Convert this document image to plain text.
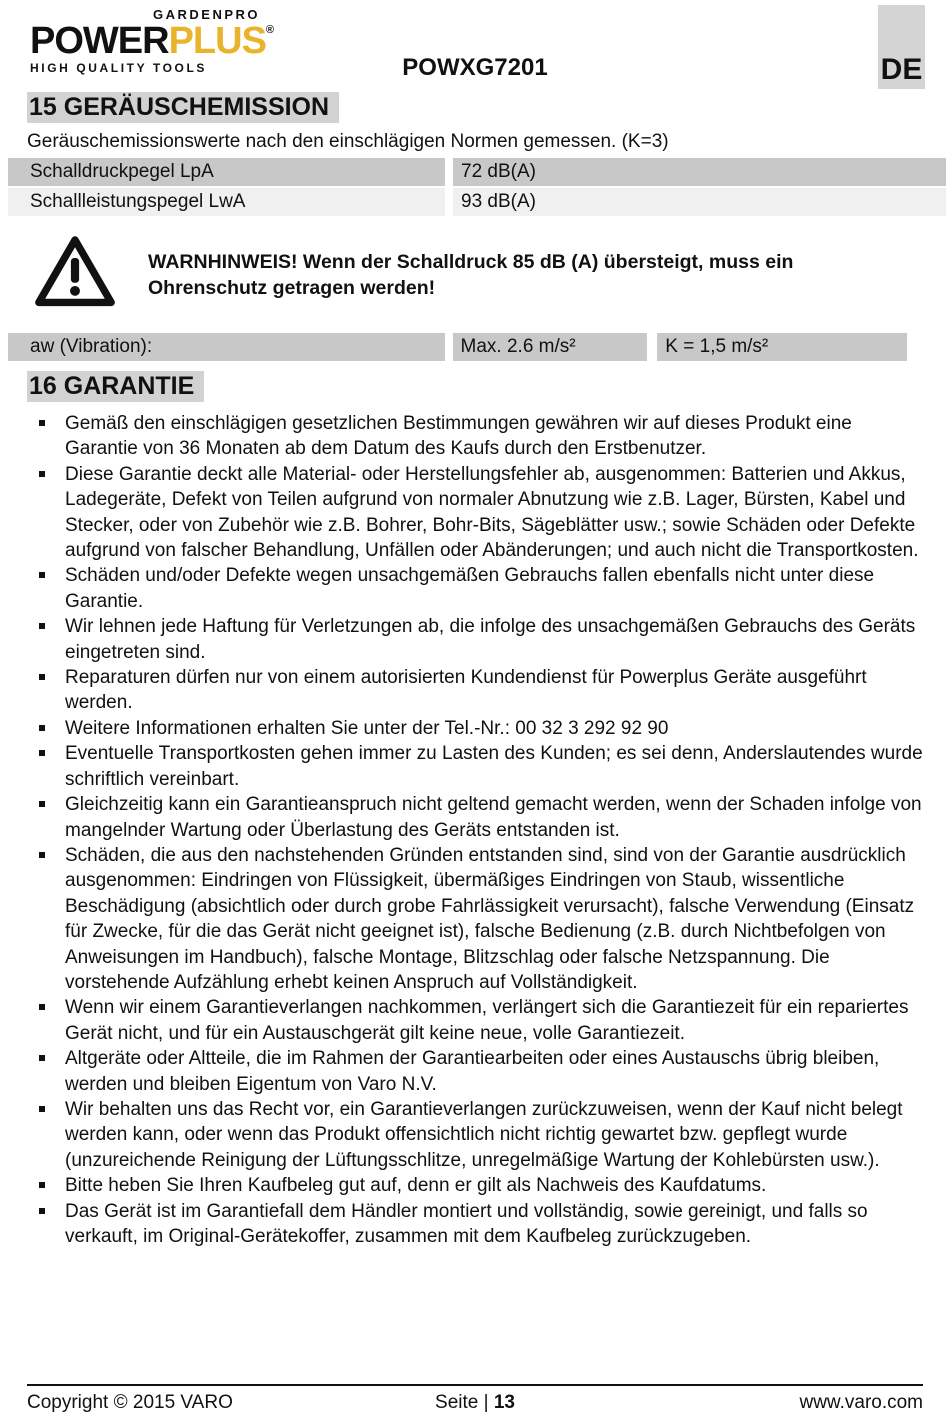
GARDENPRO
POWERPLUS®
HIGH QUALITY TOOLS	POWXG7201	DE
15 GERÄUSCHEMISSION
Geräuschemissionswerte nach den einschlägigen Normen gemessen. (K=3)
Schalldruckpegel LpA	72 dB(A)
Schallleistungspegel LwA	93 dB(A)
WARNHINWEIS! Wenn der Schalldruck 85 dB (A) übersteigt, muss ein Ohrenschutz getragen werden!
aw (Vibration):	Max. 2.6 m/s²	K = 1,5 m/s²
16 GARANTIE
Gemäß den einschlägigen gesetzlichen Bestimmungen gewähren wir auf dieses Produkt eine Garantie von 36 Monaten ab dem Datum des Kaufs durch den Erstbenutzer.
Diese Garantie deckt alle Material- oder Herstellungsfehler ab, ausgenommen: Batterien und Akkus, Ladegeräte, Defekt von Teilen aufgrund von normaler Abnutzung wie z.B. Lager, Bürsten, Kabel und Stecker, oder von Zubehör wie z.B. Bohrer, Bohr-Bits, Sägeblätter usw.; sowie Schäden oder Defekte aufgrund von falscher Behandlung, Unfällen oder Abänderungen; und auch nicht die Transportkosten.
Schäden und/oder Defekte wegen unsachgemäßen Gebrauchs fallen ebenfalls nicht unter diese Garantie.
Wir lehnen jede Haftung für Verletzungen ab, die infolge des unsachgemäßen Gebrauchs des Geräts eingetreten sind.
Reparaturen dürfen nur von einem autorisierten Kundendienst für Powerplus Geräte ausgeführt werden.
Weitere Informationen erhalten Sie unter der Tel.-Nr.: 00 32 3 292 92 90
Eventuelle Transportkosten gehen immer zu Lasten des Kunden; es sei denn, Anderslautendes wurde schriftlich vereinbart.
Gleichzeitig kann ein Garantieanspruch nicht geltend gemacht werden, wenn der Schaden infolge von mangelnder Wartung oder Überlastung des Geräts entstanden ist.
Schäden, die aus den nachstehenden Gründen entstanden sind, sind von der Garantie ausdrücklich ausgenommen: Eindringen von Flüssigkeit, übermäßiges Eindringen von Staub, wissentliche Beschädigung (absichtlich oder durch grobe Fahrlässigkeit verursacht), falsche Verwendung (Einsatz für Zwecke, für die das Gerät nicht geeignet ist), falsche Bedienung (z.B. durch Nichtbefolgen von Anweisungen im Handbuch), falsche Montage, Blitzschlag oder falsche Netzspannung. Die vorstehende Aufzählung erhebt keinen Anspruch auf Vollständigkeit.
Wenn wir einem Garantieverlangen nachkommen, verlängert sich die Garantiezeit für ein repariertes Gerät nicht, und für ein Austauschgerät gilt keine neue, volle Garantiezeit.
Altgeräte oder Altteile, die im Rahmen der Garantiearbeiten oder eines Austauschs übrig bleiben, werden und bleiben Eigentum von Varo N.V.
Wir behalten uns das Recht vor, ein Garantieverlangen zurückzuweisen, wenn der Kauf nicht belegt werden kann, oder wenn das Produkt offensichtlich nicht richtig gewartet bzw. gepflegt wurde (unzureichende Reinigung der Lüftungsschlitze, unregelmäßige Wartung der Kohlebürsten usw.).
Bitte heben Sie Ihren Kaufbeleg gut auf, denn er gilt als Nachweis des Kaufdatums.
Das Gerät ist im Garantiefall dem Händler montiert und vollständig, sowie gereinigt, und falls so verkauft, im Original-Gerätekoffer, zusammen mit dem Kaufbeleg zurückzugeben.
Copyright © 2015 VARO	Seite | 13	www.varo.com
